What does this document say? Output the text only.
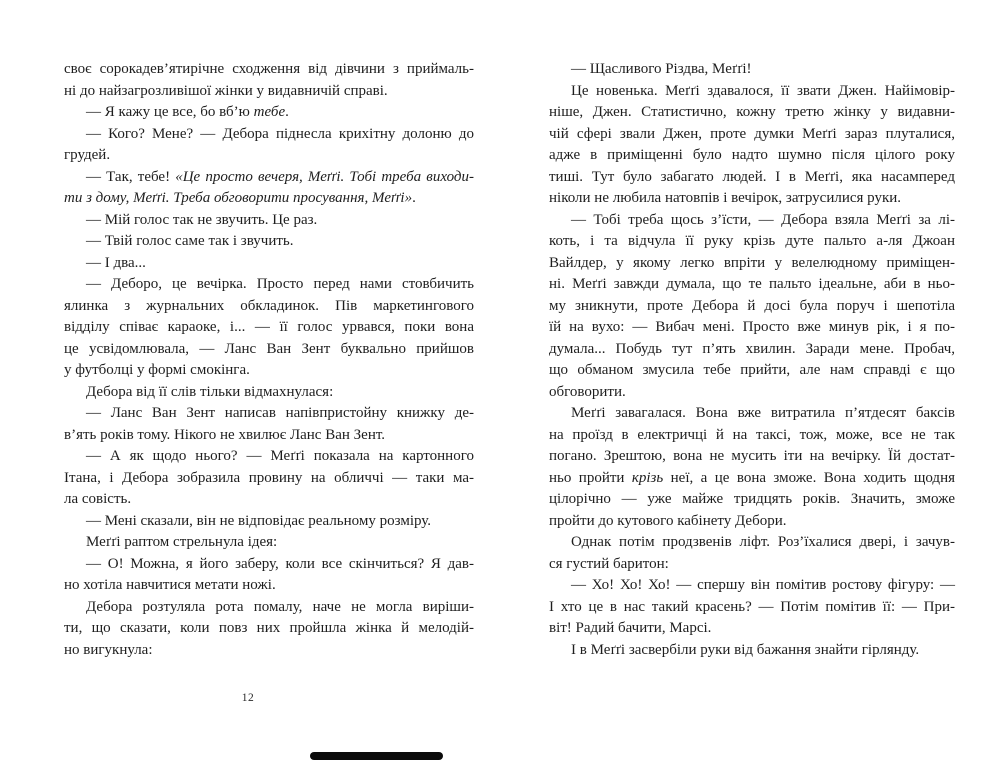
своє сорокадев’ятирічне сходження від дівчини з приймаль-
ні до найзагрозливішої жінки у видавничій справі.
— Я кажу це все, бо вб’ю тебе.
— Кого? Мене? — Дебора піднесла крихітну долоню до
грудей.
— Так, тебе! «Це просто вечеря, Меґґі. Тобі треба виходи-
ти з дому, Меґґі. Треба обговорити просування, Меґґі».
— Мій голос так не звучить. Це раз.
— Твій голос саме так і звучить.
— І два...
— Деборо, це вечірка. Просто перед нами стовбичить
ялинка з журнальних обкладинок. Пів маркетингового
відділу співає караоке, і... — її голос урвався, поки вона
це усвідомлювала, — Ланс Ван Зент буквально прийшов
у футболці у формі смокінга.
Дебора від її слів тільки відмахнулася:
— Ланс Ван Зент написав напівпристойну книжку де-
в’ять років тому. Нікого не хвилює Ланс Ван Зент.
— А як щодо нього? — Меґґі показала на картонного
Ітана, і Дебора зобразила провину на обличчі — таки ма-
ла совість.
— Мені сказали, він не відповідає реальному розміру.
Меґґі раптом стрельнула ідея:
— О! Можна, я його заберу, коли все скінчиться? Я дав-
но хотіла навчитися метати ножі.
Дебора розтуляла рота помалу, наче не могла виріши-
ти, що сказати, коли повз них пройшла жінка й мелодій-
но вигукнула:
— Щасливого Різдва, Меґґі!
Це новенька. Меґґі здавалося, її звати Джен. Найімовір-
ніше, Джен. Статистично, кожну третю жінку у видавни-
чій сфері звали Джен, проте думки Меґґі зараз плуталися,
адже в приміщенні було надто шумно після цілого року
тиші. Тут було забагато людей. І в Меґґі, яка насамперед
ніколи не любила натовпів і вечірок, затрусилися руки.
— Тобі треба щось з’їсти, — Дебора взяла Меґґі за лі-
коть, і та відчула її руку крізь дуте пальто а-ля Джоан
Вайлдер, у якому легко впріти у велелюдному приміщен-
ні. Меґґі завжди думала, що те пальто ідеальне, аби в ньо-
му зникнути, проте Дебора й досі була поруч і шепотіла
їй на вухо: — Вибач мені. Просто вже минув рік, і я по-
думала... Побудь тут п’ять хвилин. Заради мене. Пробач,
що обманом змусила тебе прийти, але нам справді є що
обговорити.
Меґґі завагалася. Вона вже витратила п’ятдесят баксів
на проїзд в електричці й на таксі, тож, може, все не так
погано. Зрештою, вона не мусить іти на вечірку. Їй достат-
ньо пройти крізь неї, а це вона зможе. Вона ходить щодня
цілорічно — уже майже тридцять років. Значить, зможе
пройти до кутового кабінету Дебори.
Однак потім продзвенів ліфт. Роз’їхалися двері, і зачув-
ся густий баритон:
— Хо! Хо! Хо! — спершу він помітив ростову фігуру: —
І хто це в нас такий красень? — Потім помітив її: — При-
віт! Радий бачити, Марсі.
І в Меґґі засвербіли руки від бажання знайти гірлянду.
12
